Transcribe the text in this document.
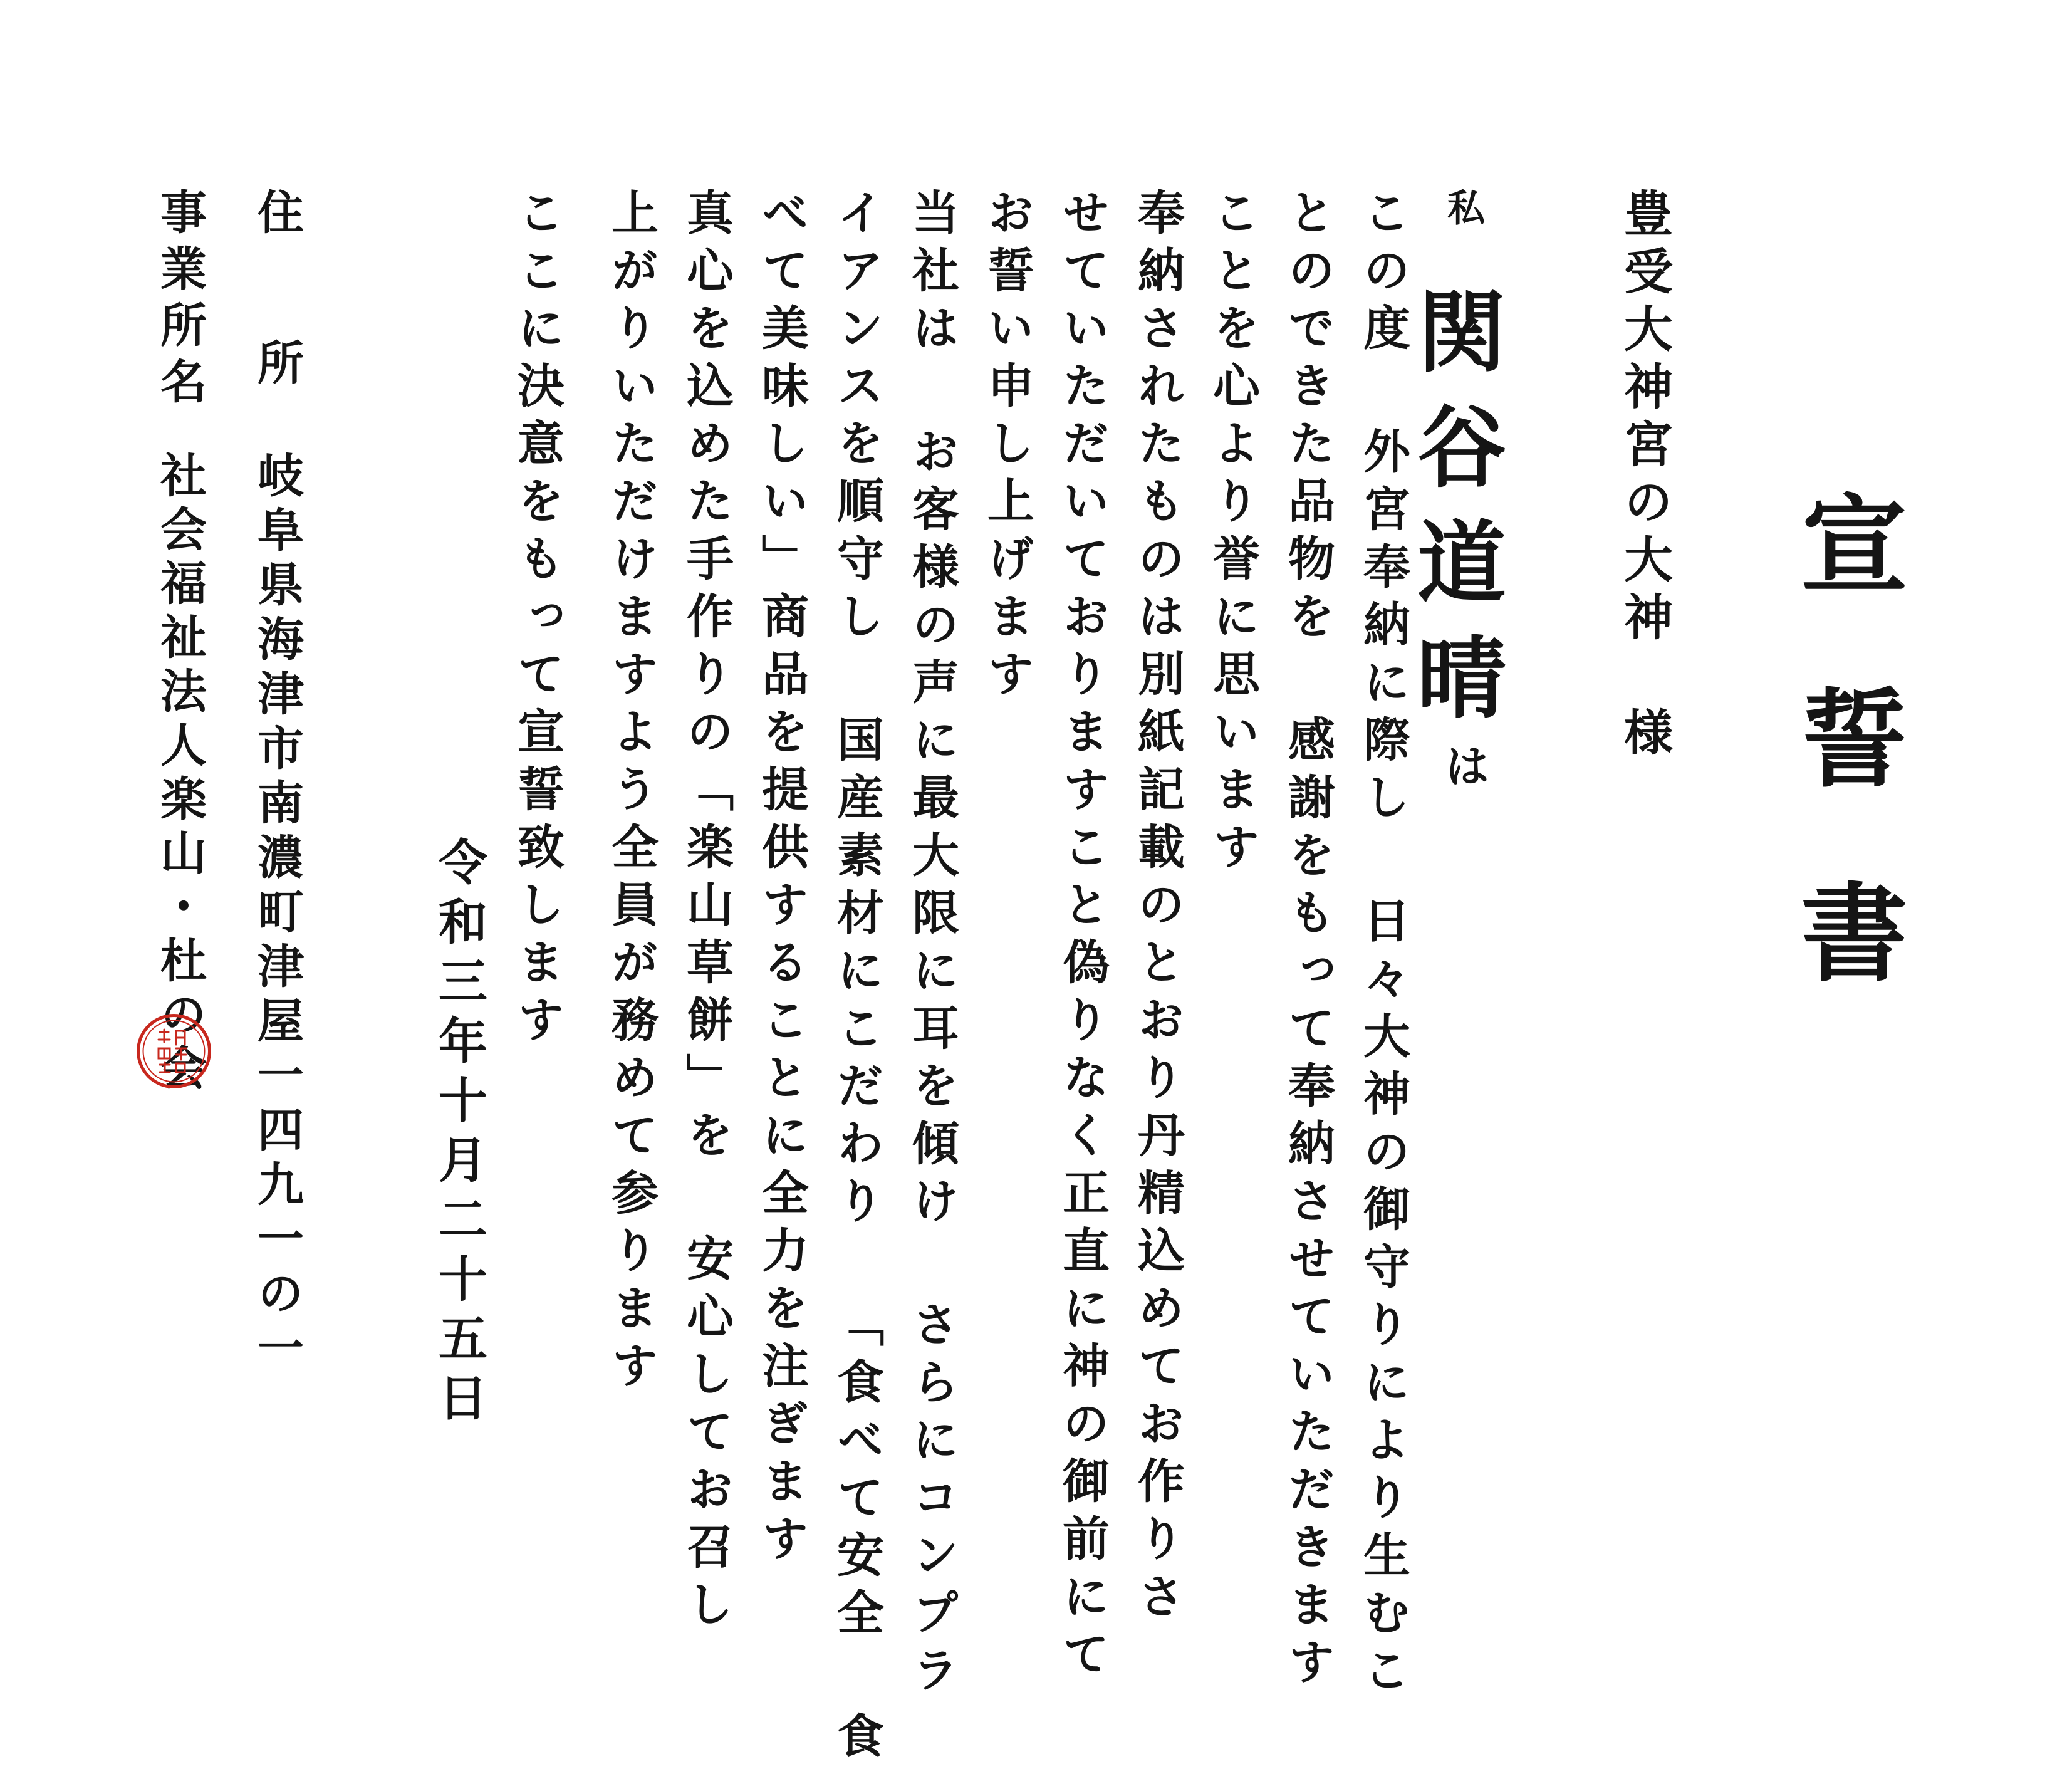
宣誓書
豊受大神宮の大神　様
私
関谷道晴
は
この度 外宮奉納に際し 日々大神の御守りにより生むこ
とのできた品物を 感謝をもって奉納させていただきます
ことを心より誉に思います
奉納されたものは別紙記載のとおり丹精込めてお作りさ
せていただいておりますこと偽りなく正直に神の御前にて
お誓い申し上げます
当社は お客様の声に最大限に耳を傾け さらにコンプラ
イアンスを順守し 国産素材にこだわり 「食べて安全 食
べて美味しい」商品を提供することに全力を注ぎます
真心を込めた手作りの「楽山草餅」を 安心してお召し
上がりいただけますよう全員が務めて参ります
ここに決意をもって宣誓致します
令和三年十月二十五日
住
所
岐阜県海津市南濃町津屋一四九一の一
事業所名
社会福祉法人楽山・杜の会
